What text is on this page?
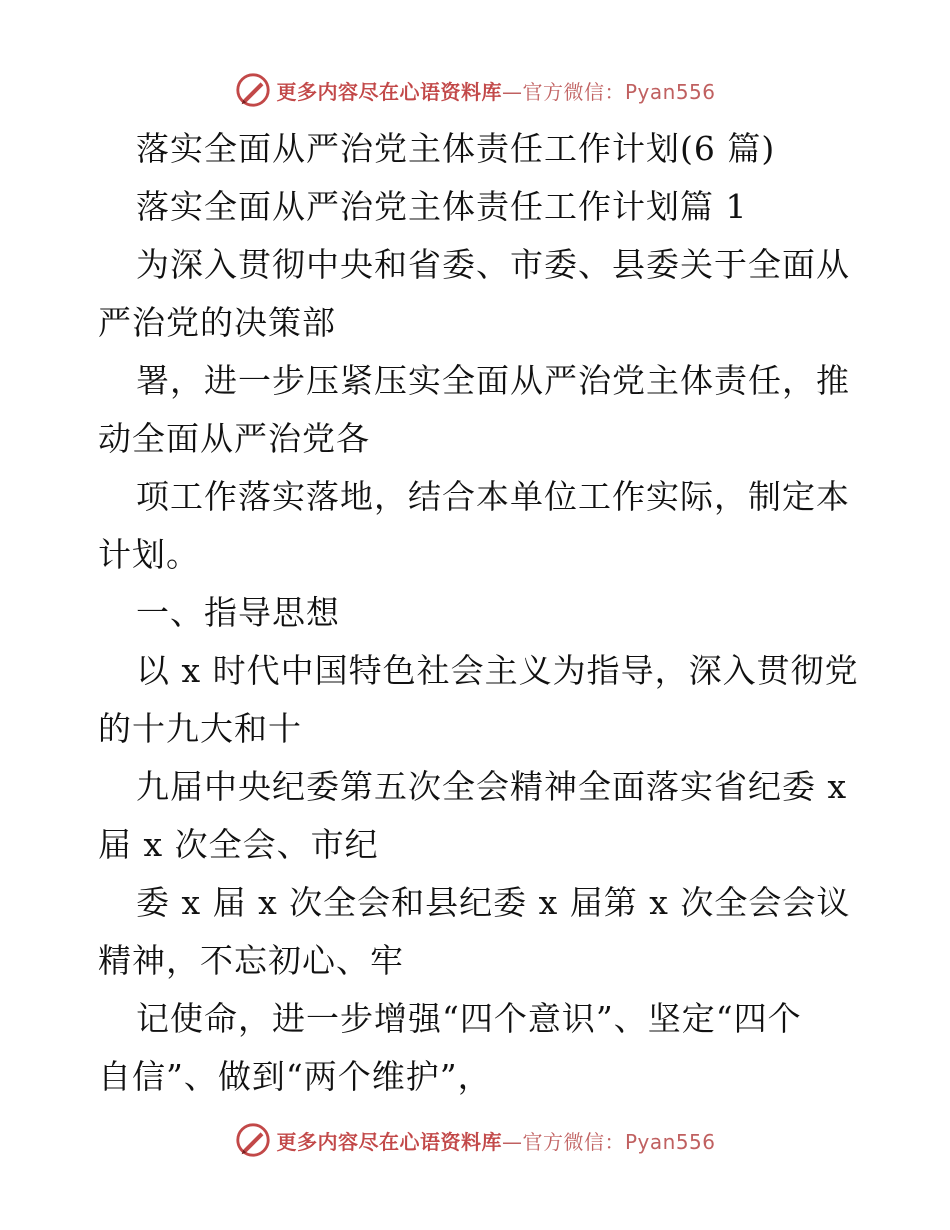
更多内容尽在心语资料库—官方微信：Pyan556
落实全面从严治党主体责任工作计划(6 篇)
落实全面从严治党主体责任工作计划篇 1
为深入贯彻中央和省委、市委、县委关于全面从
严治党的决策部
署，进一步压紧压实全面从严治党主体责任，推
动全面从严治党各
项工作落实落地，结合本单位工作实际，制定本
计划。
一、指导思想
以 x 时代中国特色社会主义为指导，深入贯彻党
的十九大和十
九届中央纪委第五次全会精神全面落实省纪委 x
届 x 次全会、市纪
委 x 届 x 次全会和县纪委 x 届第 x 次全会会议
精神，不忘初心、牢
记使命，进一步增强“四个意识”、坚定“四个
自信”、做到“两个维护”，
更多内容尽在心语资料库—官方微信：Pyan556
